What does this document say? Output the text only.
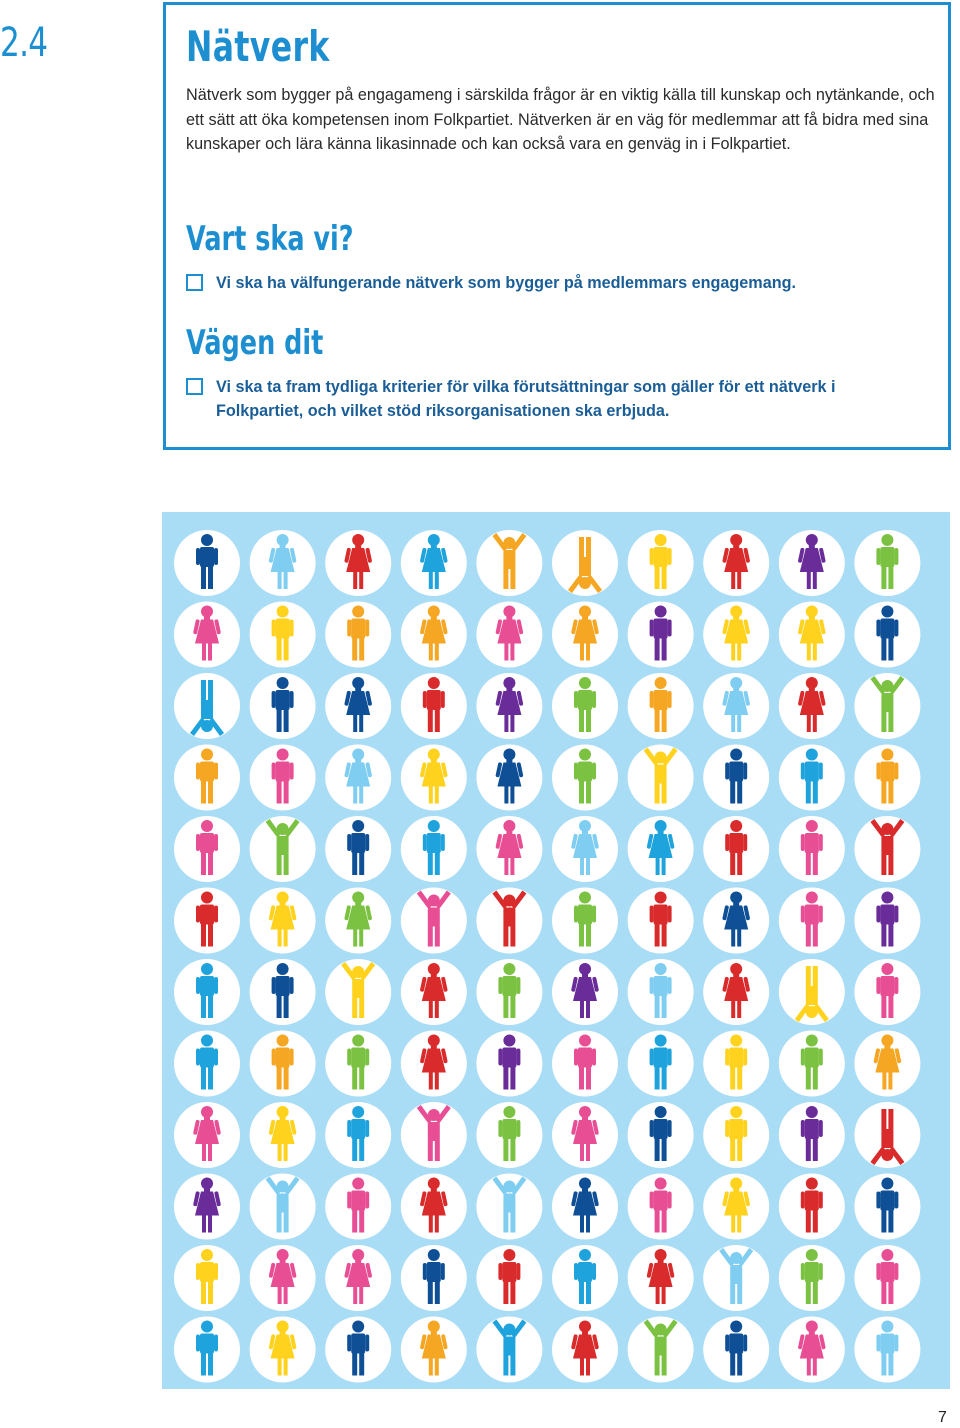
2.4	Nätverk
Nätverk som bygger på engagameng i särskilda frågor är en viktig källa till kunskap och nytänkande, och ett sätt att öka kompetensen inom Folkpartiet. Nätverken är en väg för medlemmar att få bidra med sina kunskaper och lära känna likasinnade och kan också vara en genväg in i Folkpartiet.
Vart ska vi?
Vi ska ha välfungerande nätverk som bygger på medlemmars engagemang.
Vägen dit
Vi ska ta fram tydliga kriterier för vilka förutsättningar som gäller för ett nätverk i Folkpartiet, och vilket stöd riksorganisationen ska erbjuda.
7
